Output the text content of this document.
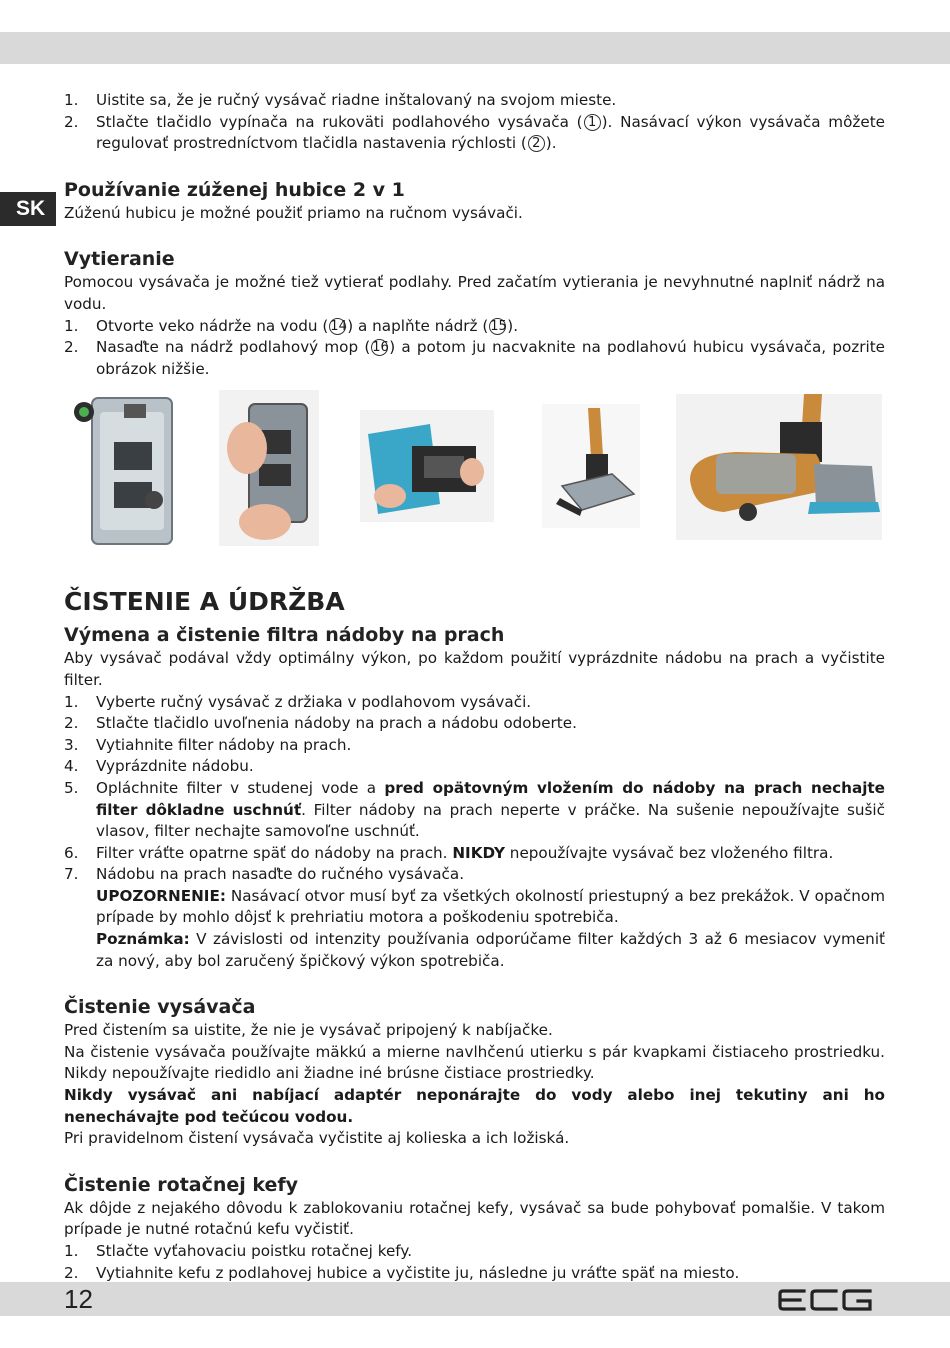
SK
1. Uistite sa, že je ručný vysávač riadne inštalovaný na svojom mieste.
2. Stlačte tlačidlo vypínača na rukoväti podlahového vysávača ( 1 ). Nasávací výkon vysávača môžete regulovať prostredníctvom tlačidla nastavenia rýchlosti ( 2 ).
Používanie zúženej hubice 2 v 1

Zúženú hubicu je možné použiť priamo na ručnom vysávači.

Vytieranie

Pomocou vysávača je možné tiež vytierať podlahy. Pred začatím vytierania je nevyhnutné naplniť nádrž na vodu.

1. Otvorte veko nádrže na vodu ( 14) a naplňte nádrž ( 15).
2. Nasaďte na nádrž podlahový mop ( 16) a potom ju nacvaknite na podlahovú hubicu vysávača, pozrite obrázok nižšie.
ČISTENIE A ÚDRŽBA
Výmena a čistenie filtra nádoby na prach

Aby vysávač podával vždy optimálny výkon, po každom použití vyprázdnite nádobu na prach a vyčistite filter.

1. Vyberte ručný vysávač z držiaka v podlahovom vysávači.
2. Stlačte tlačidlo uvoľnenia nádoby na prach a nádobu odoberte.
3. Vytiahnite filter nádoby na prach.
4. Vyprázdnite nádobu.
5. Opláchnite filter v studenej vode a pred opätovným vložením do nádoby na prach nechajte filter dôkladne uschnúť. Filter nádoby na prach neperte v práčke. Na sušenie nepoužívajte sušič vlasov, filter nechajte samovoľne uschnúť.
6. Filter vráťte opatrne späť do nádoby na prach. NIKDY nepoužívajte vysávač bez vloženého filtra.
7. Nádobu na prach nasaďte do ručného vysávača.
UPOZORNENIE: Nasávací otvor musí byť za všetkých okolností priestupný a bez prekážok. V opačnom prípade by mohlo dôjsť k prehriatiu motora a poškodeniu spotrebiča.
Poznámka: V závislosti od intenzity používania odporúčame filter každých 3 až 6 mesiacov vymeniť za nový, aby bol zaručený špičkový výkon spotrebiča.
Čistenie vysávača

Pred čistením sa uistite, že nie je vysávač pripojený k nabíjačke.

Na čistenie vysávača používajte mäkkú a mierne navlhčenú utierku s pár kvapkami čistiaceho prostriedku. Nikdy nepoužívajte riedidlo ani žiadne iné brúsne čistiace prostriedky.

Nikdy vysávač ani nabíjací adaptér neponárajte do vody alebo inej tekutiny ani ho nenechávajte pod tečúcou vodou.

Pri pravidelnom čistení vysávača vyčistite aj kolieska a ich ložiská.

Čistenie rotačnej kefy

Ak dôjde z nejakého dôvodu k zablokovaniu rotačnej kefy, vysávač sa bude pohybovať pomalšie. V takom prípade je nutné rotačnú kefu vyčistiť.

1. Stlačte vyťahovaciu poistku rotačnej kefy.
2. Vytiahnite kefu z podlahovej hubice a vyčistite ju, následne ju vráťte späť na miesto.
12	ECG
